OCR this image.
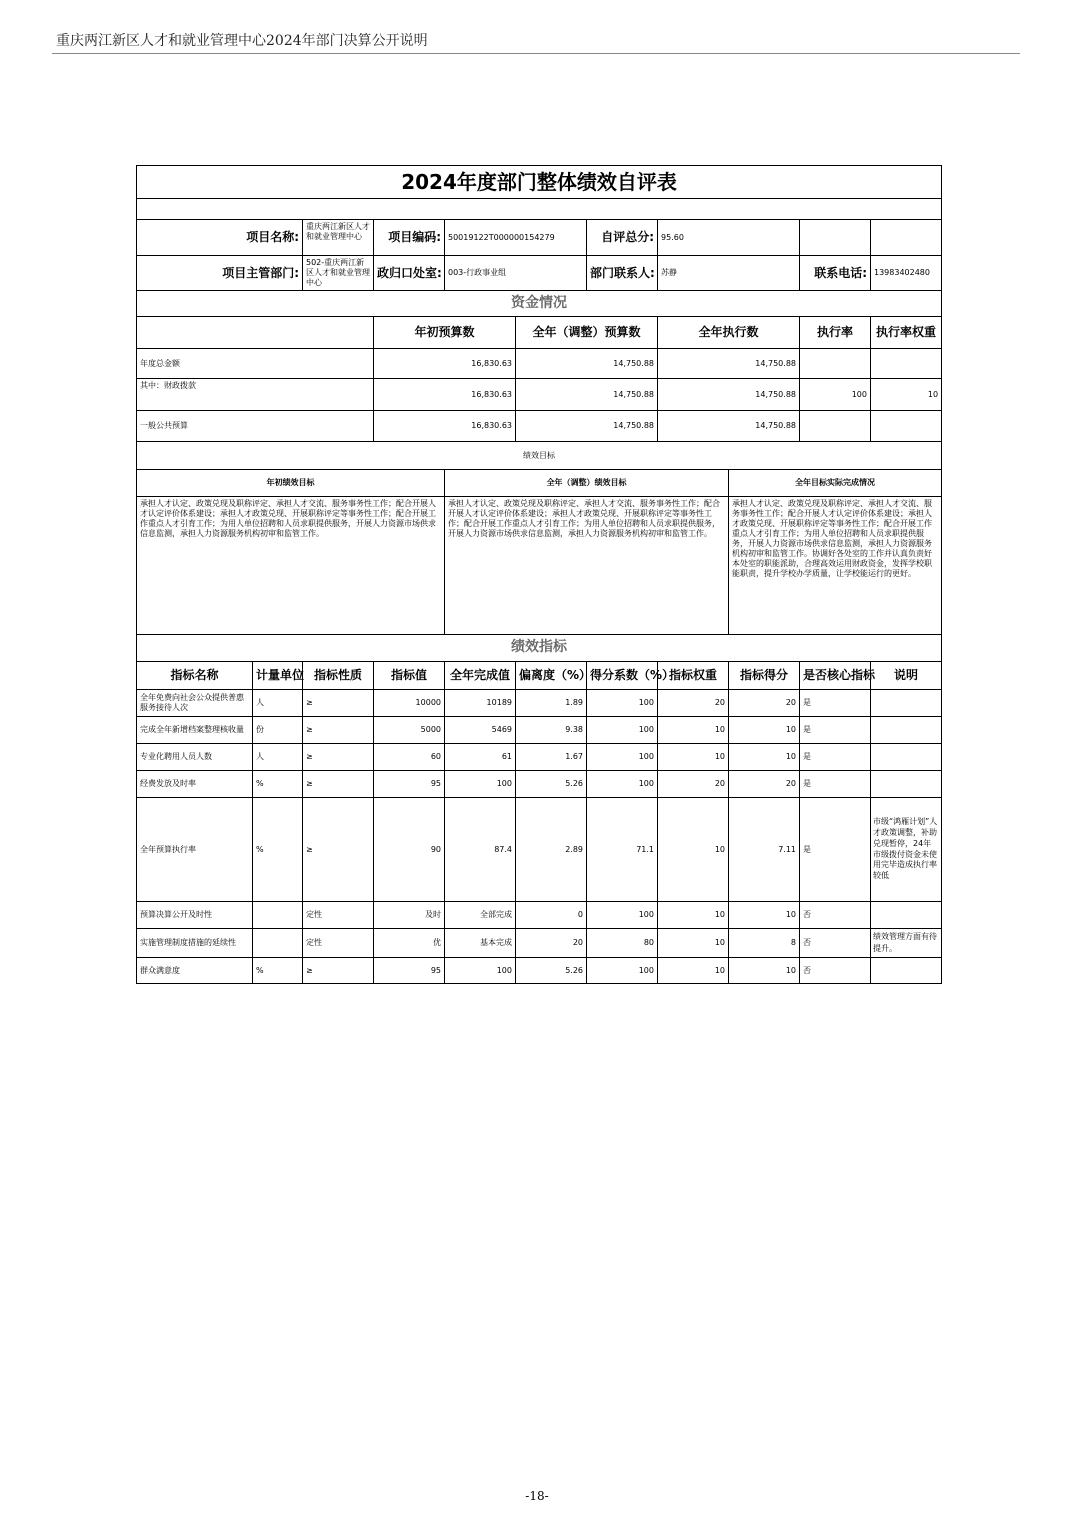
重庆两江新区人才和就业管理中心2024年部门决算公开说明
2024年度部门整体绩效自评表											

项目名称:		重庆两江新区人才和就业管理中心	项目编码:	50019122T000000154279		自评总分:	95.60				
项目主管部门:		502-重庆两江新区人才和就业管理中心	政归口处室:	003-行政事业组		部门联系人:	苏静		联系电话:	13983402480	
资金情况											
			年初预算数		全年（调整）预算数		全年执行数		执行率	执行率权重	
年度总金额			16,830.63		14,750.88		14,750.88				
其中：财政拨款			16,830.63		14,750.88		14,750.88		100	10	
一般公共预算			16,830.63		14,750.88		14,750.88				
绩效目标											
年初绩效目标				全年（调整）绩效目标				全年目标实际完成情况			
承担人才认定、政策兑现及职称评定、承担人才交流、服务事务性工作；配合开展人才认定评价体系建设；承担人才政策兑现、开展职称评定等事务性工作；配合开展工作重点人才引育工作；为用人单位招聘和人员求职提供服务，开展人力资源市场供求信息监测，承担人力资源服务机构初审和监管工作。				承担人才认定、政策兑现及职称评定、承担人才交流、服务事务性工作；配合开展人才认定评价体系建设；承担人才政策兑现、开展职称评定等事务性工作；配合开展工作重点人才引育工作；为用人单位招聘和人员求职提供服务，开展人力资源市场供求信息监测，承担人力资源服务机构初审和监管工作。				承担人才认定、政策兑现及职称评定、承担人才交流、服务事务性工作；配合开展人才认定评价体系建设；承担人才政策兑现、开展职称评定等事务性工作；配合开展工作重点人才引育工作；为用人单位招聘和人员求职提供服务，开展人力资源市场供求信息监测，承担人力资源服务机构初审和监管工作。协调好各处室的工作并认真负责好本处室的职能派助，合理高效运用财政资金，发挥学校职能职责，提升学校办学质量，让学校能运行的更好。			
绩效指标											
指标名称	计量单位	指标性质	指标值	全年完成值	偏离度（%）	得分系数（%）	指标权重	指标得分	是否核心指标	说明	
全年免费向社会公众提供普惠服务接待人次	人	≥	10000	10189	1.89	100	20	20	是		
完成全年新增档案整理核收量	份	≥	5000	5469	9.38	100	10	10	是		
专业化聘用人员人数	人	≥	60	61	1.67	100	10	10	是		
经费发放及时率	%	≥	95	100	5.26	100	20	20	是		
全年预算执行率	%	≥	90	87.4	2.89	71.1	10	7.11	是	市级“鸿雁计划”人才政策调整，补助兑现暂停，24年市级拨付资金未使用完毕造成执行率较低	
预算决算公开及时性		定性	及时	全部完成	0	100	10	10	否		
实施管理制度措施的延续性		定性	优	基本完成	20	80	10	8	否	绩效管理方面有待提升。	
群众满意度	%	≥	95	100	5.26	100	10	10	否		
-18-
